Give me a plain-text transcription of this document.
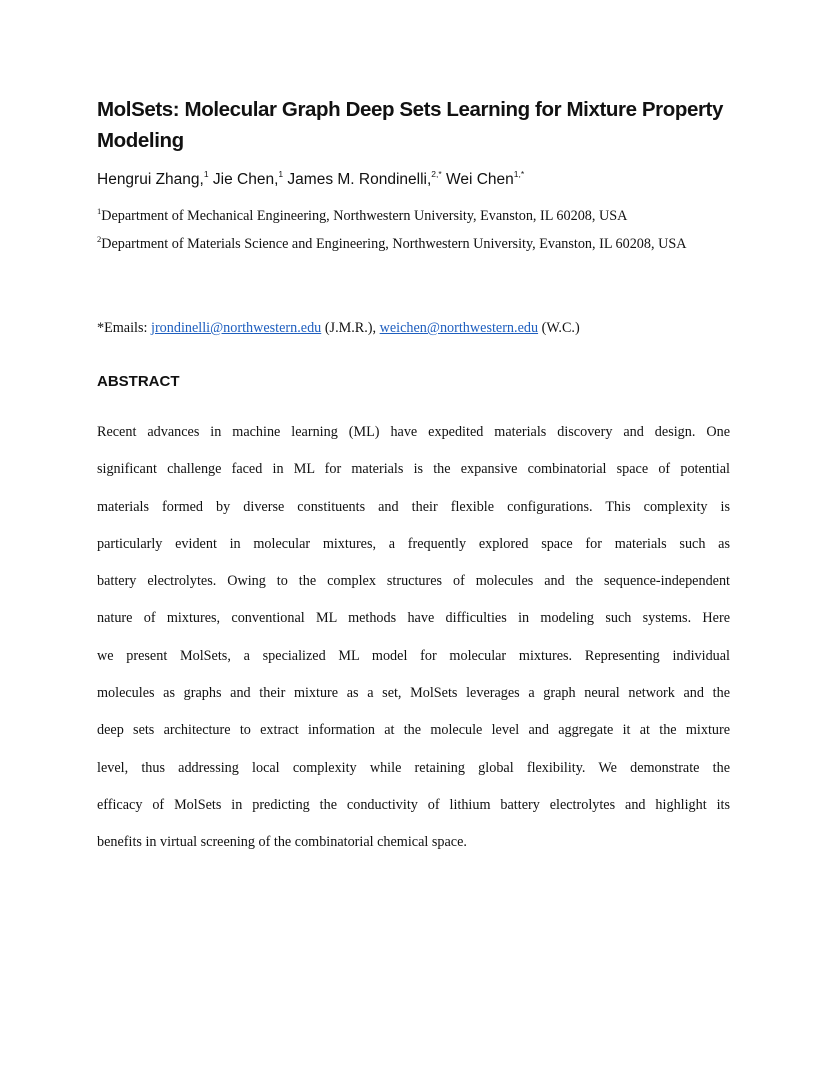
MolSets: Molecular Graph Deep Sets Learning for Mixture Property Modeling
Hengrui Zhang,$^1$ Jie Chen,$^1$ James M. Rondinelli,$^{2,*}$ Wei Chen$^{1,*}$
$^1$Department of Mechanical Engineering, Northwestern University, Evanston, IL 60208, USA
$^2$Department of Materials Science and Engineering, Northwestern University, Evanston, IL 60208, USA
*Emails: jrondinelli@northwestern.edu (J.M.R.), weichen@northwestern.edu (W.C.)
ABSTRACT
Recent advances in machine learning (ML) have expedited materials discovery and design. One
significant challenge faced in ML for materials is the expansive combinatorial space of potential
materials formed by diverse constituents and their flexible configurations. This complexity is
particularly evident in molecular mixtures, a frequently explored space for materials such as
battery electrolytes. Owing to the complex structures of molecules and the sequence-independent
nature of mixtures, conventional ML methods have difficulties in modeling such systems. Here
we present MolSets, a specialized ML model for molecular mixtures. Representing individual
molecules as graphs and their mixture as a set, MolSets leverages a graph neural network and the
deep sets architecture to extract information at the molecule level and aggregate it at the mixture
level, thus addressing local complexity while retaining global flexibility. We demonstrate the
efficacy of MolSets in predicting the conductivity of lithium battery electrolytes and highlight its
benefits in virtual screening of the combinatorial chemical space.
